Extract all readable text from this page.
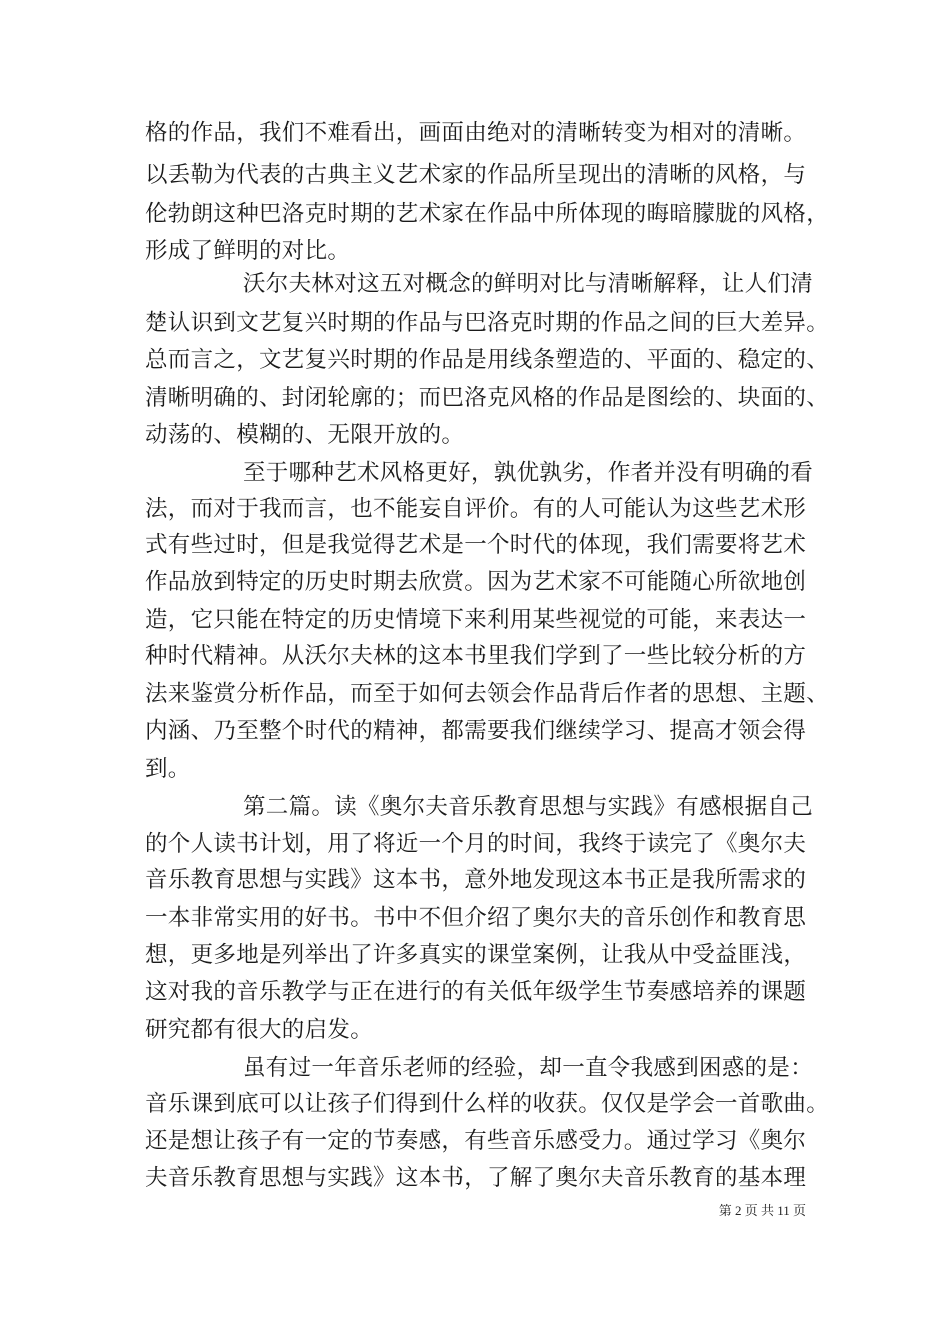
格的作品，我们不难看出，画面由绝对的清晰转变为相对的清晰。
以丢勒为代表的古典主义艺术家的作品所呈现出的清晰的风格，与
伦勃朗这种巴洛克时期的艺术家在作品中所体现的晦暗朦胧的风格，
形成了鲜明的对比。
沃尔夫林对这五对概念的鲜明对比与清晰解释，让人们清
楚认识到文艺复兴时期的作品与巴洛克时期的作品之间的巨大差异。
总而言之，文艺复兴时期的作品是用线条塑造的、平面的、稳定的、
清晰明确的、封闭轮廓的；而巴洛克风格的作品是图绘的、块面的、
动荡的、模糊的、无限开放的。
至于哪种艺术风格更好，孰优孰劣，作者并没有明确的看
法，而对于我而言，也不能妄自评价。有的人可能认为这些艺术形
式有些过时，但是我觉得艺术是一个时代的体现，我们需要将艺术
作品放到特定的历史时期去欣赏。因为艺术家不可能随心所欲地创
造，它只能在特定的历史情境下来利用某些视觉的可能，来表达一
种时代精神。从沃尔夫林的这本书里我们学到了一些比较分析的方
法来鉴赏分析作品，而至于如何去领会作品背后作者的思想、主题、
内涵、乃至整个时代的精神，都需要我们继续学习、提高才领会得
到。
第二篇。读《奥尔夫音乐教育思想与实践》有感根据自己
的个人读书计划，用了将近一个月的时间，我终于读完了《奥尔夫
音乐教育思想与实践》这本书，意外地发现这本书正是我所需求的
一本非常实用的好书。书中不但介绍了奥尔夫的音乐创作和教育思
想，更多地是列举出了许多真实的课堂案例，让我从中受益匪浅，
这对我的音乐教学与正在进行的有关低年级学生节奏感培养的课题
研究都有很大的启发。
虽有过一年音乐老师的经验，却一直令我感到困惑的是：
音乐课到底可以让孩子们得到什么样的收获。仅仅是学会一首歌曲。
还是想让孩子有一定的节奏感，有些音乐感受力。通过学习《奥尔
夫音乐教育思想与实践》这本书，了解了奥尔夫音乐教育的基本理
第 2 页 共 11 页
